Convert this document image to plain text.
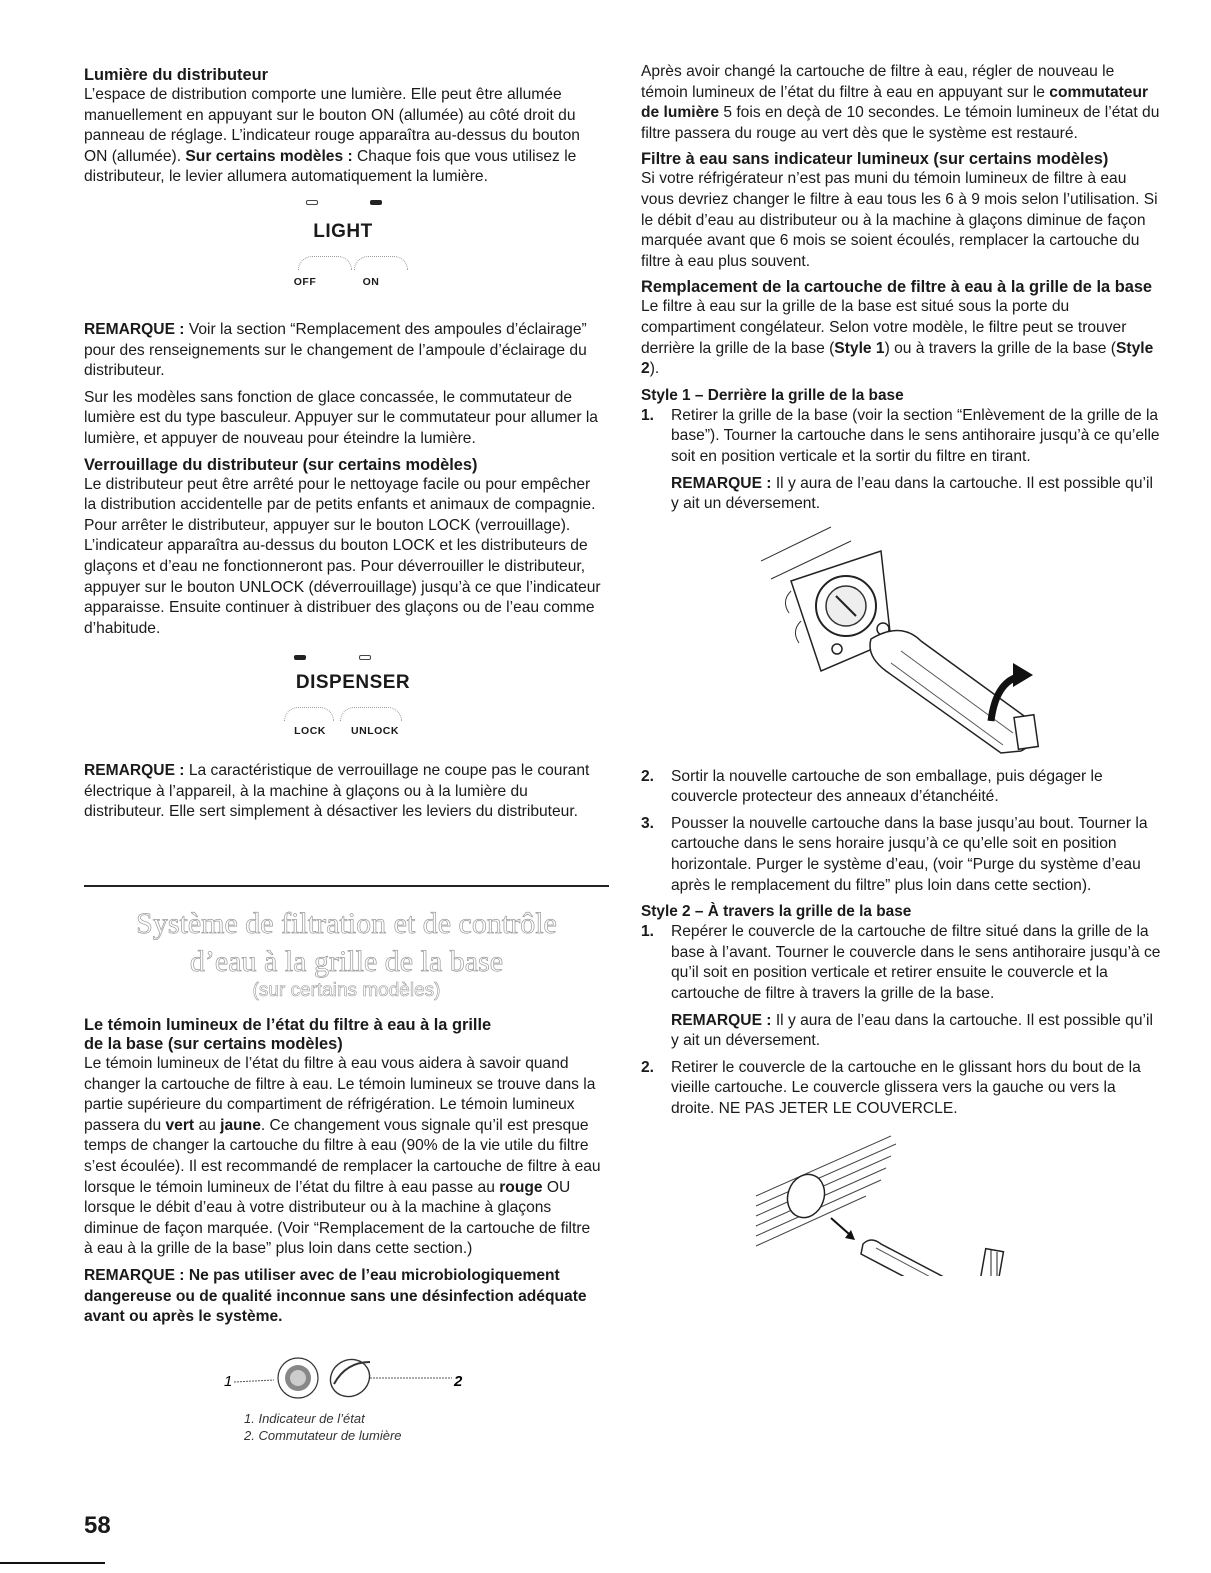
Lumière du distributeur

L’espace de distribution comporte une lumière. Elle peut être allumée manuellement en appuyant sur le bouton ON (allumée) au côté droit du panneau de réglage. L’indicateur rouge apparaîtra au-dessus du bouton ON (allumée). Sur certains modèles : Chaque fois que vous utilisez le distributeur, le levier allumera automatiquement la lumière.

LIGHT
OFF	ON

REMARQUE : Voir la section “Remplacement des ampoules d’éclairage” pour des renseignements sur le changement de l’ampoule d’éclairage du distributeur.

Sur les modèles sans fonction de glace concassée, le commutateur de lumière est du type basculeur. Appuyer sur le commutateur pour allumer la lumière, et appuyer de nouveau pour éteindre la lumière.

Verrouillage du distributeur (sur certains modèles)

Le distributeur peut être arrêté pour le nettoyage facile ou pour empêcher la distribution accidentelle par de petits enfants et animaux de compagnie. Pour arrêter le distributeur, appuyer sur le bouton LOCK (verrouillage). L’indicateur apparaîtra au-dessus du bouton LOCK et les distributeurs de glaçons et d’eau ne fonctionneront pas. Pour déverrouiller le distributeur, appuyer sur le bouton UNLOCK (déverrouillage) jusqu’à ce que l’indicateur apparaisse. Ensuite continuer à distribuer des glaçons ou de l’eau comme d’habitude.

DISPENSER
LOCK	UNLOCK

REMARQUE : La caractéristique de verrouillage ne coupe pas le courant électrique à l’appareil, à la machine à glaçons ou à la lumière du distributeur. Elle sert simplement à désactiver les leviers du distributeur.

Système de filtration et de contrôle
d’eau à la grille de la base
(sur certains modèles)
Le témoin lumineux de l’état du filtre à eau à la grille
de la base (sur certains modèles)

Le témoin lumineux de l’état du filtre à eau vous aidera à savoir quand changer la cartouche de filtre à eau. Le témoin lumineux se trouve dans la partie supérieure du compartiment de réfrigération. Le témoin lumineux passera du vert au jaune. Ce changement vous signale qu’il est presque temps de changer la cartouche du filtre à eau (90% de la vie utile du filtre s’est écoulée). Il est recommandé de remplacer la cartouche de filtre à eau lorsque le témoin lumineux de l’état du filtre à eau passe au rouge OU lorsque le débit d’eau à votre distributeur ou à la machine à glaçons diminue de façon marquée. (Voir “Remplacement de la cartouche de filtre à eau à la grille de la base” plus loin dans cette section.)

REMARQUE : Ne pas utiliser avec de l’eau microbiologiquement dangereuse ou de qualité inconnue sans une désinfection adéquate avant ou après le système.

1	2
1. Indicateur de l’état
2. Commutateur de lumière

Après avoir changé la cartouche de filtre à eau, régler de nouveau le témoin lumineux de l’état du filtre à eau en appuyant sur le commutateur de lumière 5 fois en deçà de 10 secondes. Le témoin lumineux de l’état du filtre passera du rouge au vert dès que le système est restauré.

Filtre à eau sans indicateur lumineux (sur certains modèles)

Si votre réfrigérateur n’est pas muni du témoin lumineux de filtre à eau vous devriez changer le filtre à eau tous les 6 à 9 mois selon l’utilisation. Si le débit d’eau au distributeur ou à la machine à glaçons diminue de façon marquée avant que 6 mois se soient écoulés, remplacer la cartouche du filtre à eau plus souvent.

Remplacement de la cartouche de filtre à eau à la grille de la base

Le filtre à eau sur la grille de la base est situé sous la porte du compartiment congélateur. Selon votre modèle, le filtre peut se trouver derrière la grille de la base (Style 1) ou à travers la grille de la base (Style 2).

Style 1 – Derrière la grille de la base
1. Retirer la grille de la base (voir la section “Enlèvement de la grille de la base”). Tourner la cartouche dans le sens antihoraire jusqu’à ce qu’elle soit en position verticale et la sortir du filtre en tirant.
REMARQUE : Il y aura de l’eau dans la cartouche. Il est possible qu’il y ait un déversement.
2. Sortir la nouvelle cartouche de son emballage, puis dégager le couvercle protecteur des anneaux d’étanchéité.
3. Pousser la nouvelle cartouche dans la base jusqu’au bout. Tourner la cartouche dans le sens horaire jusqu’à ce qu’elle soit en position horizontale. Purger le système d’eau, (voir “Purge du système d’eau après le remplacement du filtre” plus loin dans cette section).
Style 2 – À travers la grille de la base
1. Repérer le couvercle de la cartouche de filtre situé dans la grille de la base à l’avant. Tourner le couvercle dans le sens antihoraire jusqu’à ce qu’il soit en position verticale et retirer ensuite le couvercle et la cartouche de filtre à travers la grille de la base.
REMARQUE : Il y aura de l’eau dans la cartouche. Il est possible qu’il y ait un déversement.
2. Retirer le couvercle de la cartouche en le glissant hors du bout de la vieille cartouche. Le couvercle glissera vers la gauche ou vers la droite. NE PAS JETER LE COUVERCLE.
58
